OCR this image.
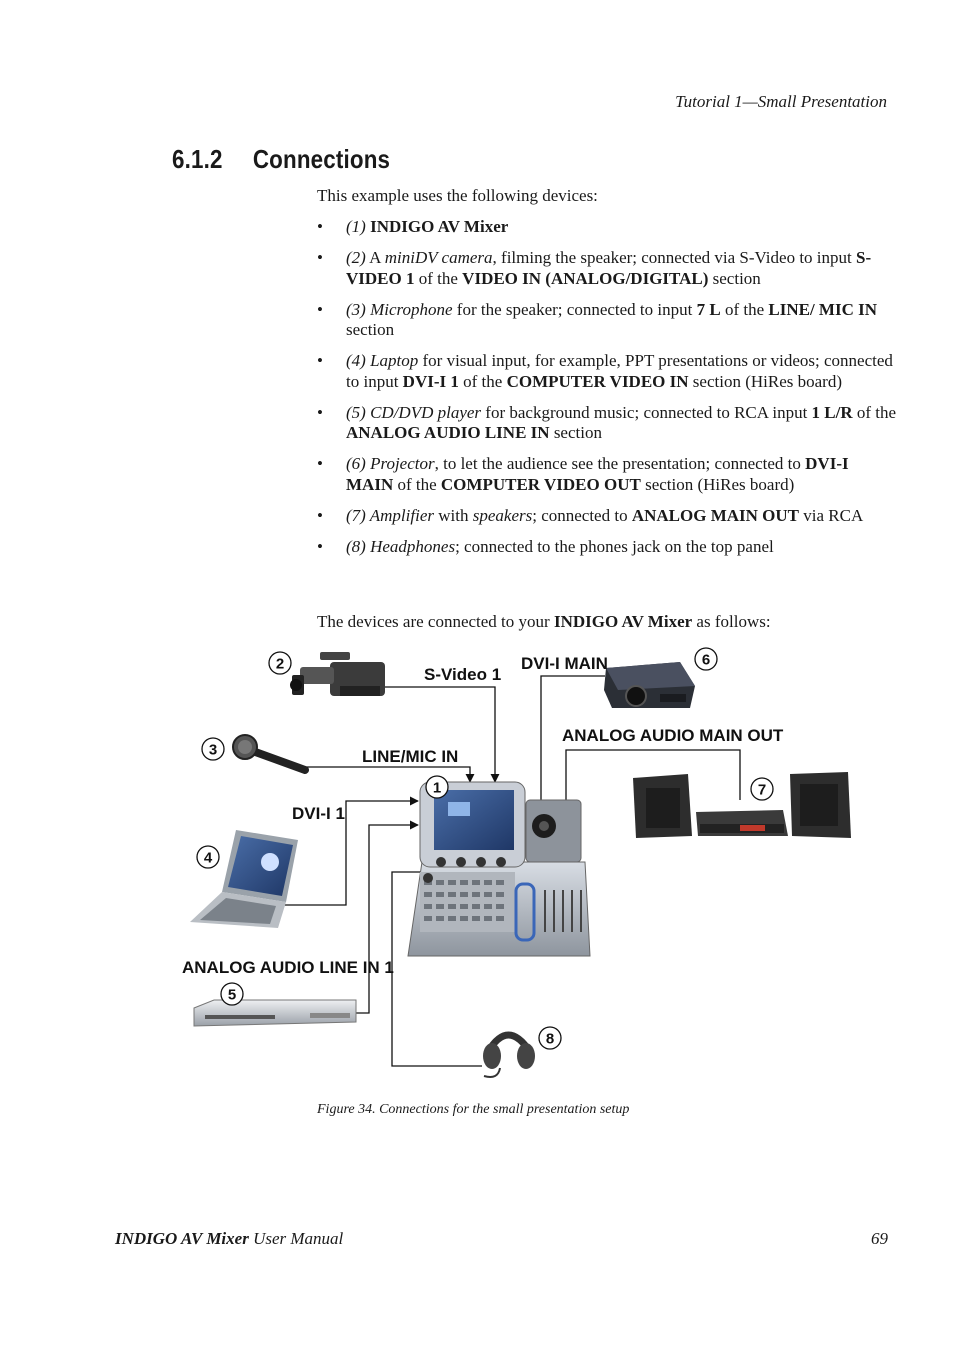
Tutorial 1—Small Presentation
6.1.2 Connections
This example uses the following devices:
• (1) INDIGO AV Mixer
• (2) A miniDV camera, filming the speaker; connected via S-Video to input S-VIDEO 1 of the VIDEO IN (ANALOG/DIGITAL) section
• (3) Microphone for the speaker; connected to input 7 L of the LINE/ MIC IN section
• (4) Laptop for visual input, for example, PPT presentations or videos; connected to input DVI-I 1 of the COMPUTER VIDEO IN section (HiRes board)
• (5) CD/DVD player for background music; connected to RCA input 1 L/R of the ANALOG AUDIO LINE IN section
• (6) Projector, to let the audience see the presentation; connected to DVI-I MAIN of the COMPUTER VIDEO OUT section (HiRes board)
• (7) Amplifier with speakers; connected to ANALOG MAIN OUT via RCA
• (8) Headphones; connected to the phones jack on the top panel
The devices are connected to your INDIGO AV Mixer as follows:
S-Video 1
DVI-I MAIN
ANALOG AUDIO MAIN OUT
LINE/MIC IN
DVI-I 1
ANALOG AUDIO LINE IN 1
1
2
3
4
5
6
7
8
Figure 34. Connections for the small presentation setup
INDIGO AV Mixer User Manual	69
